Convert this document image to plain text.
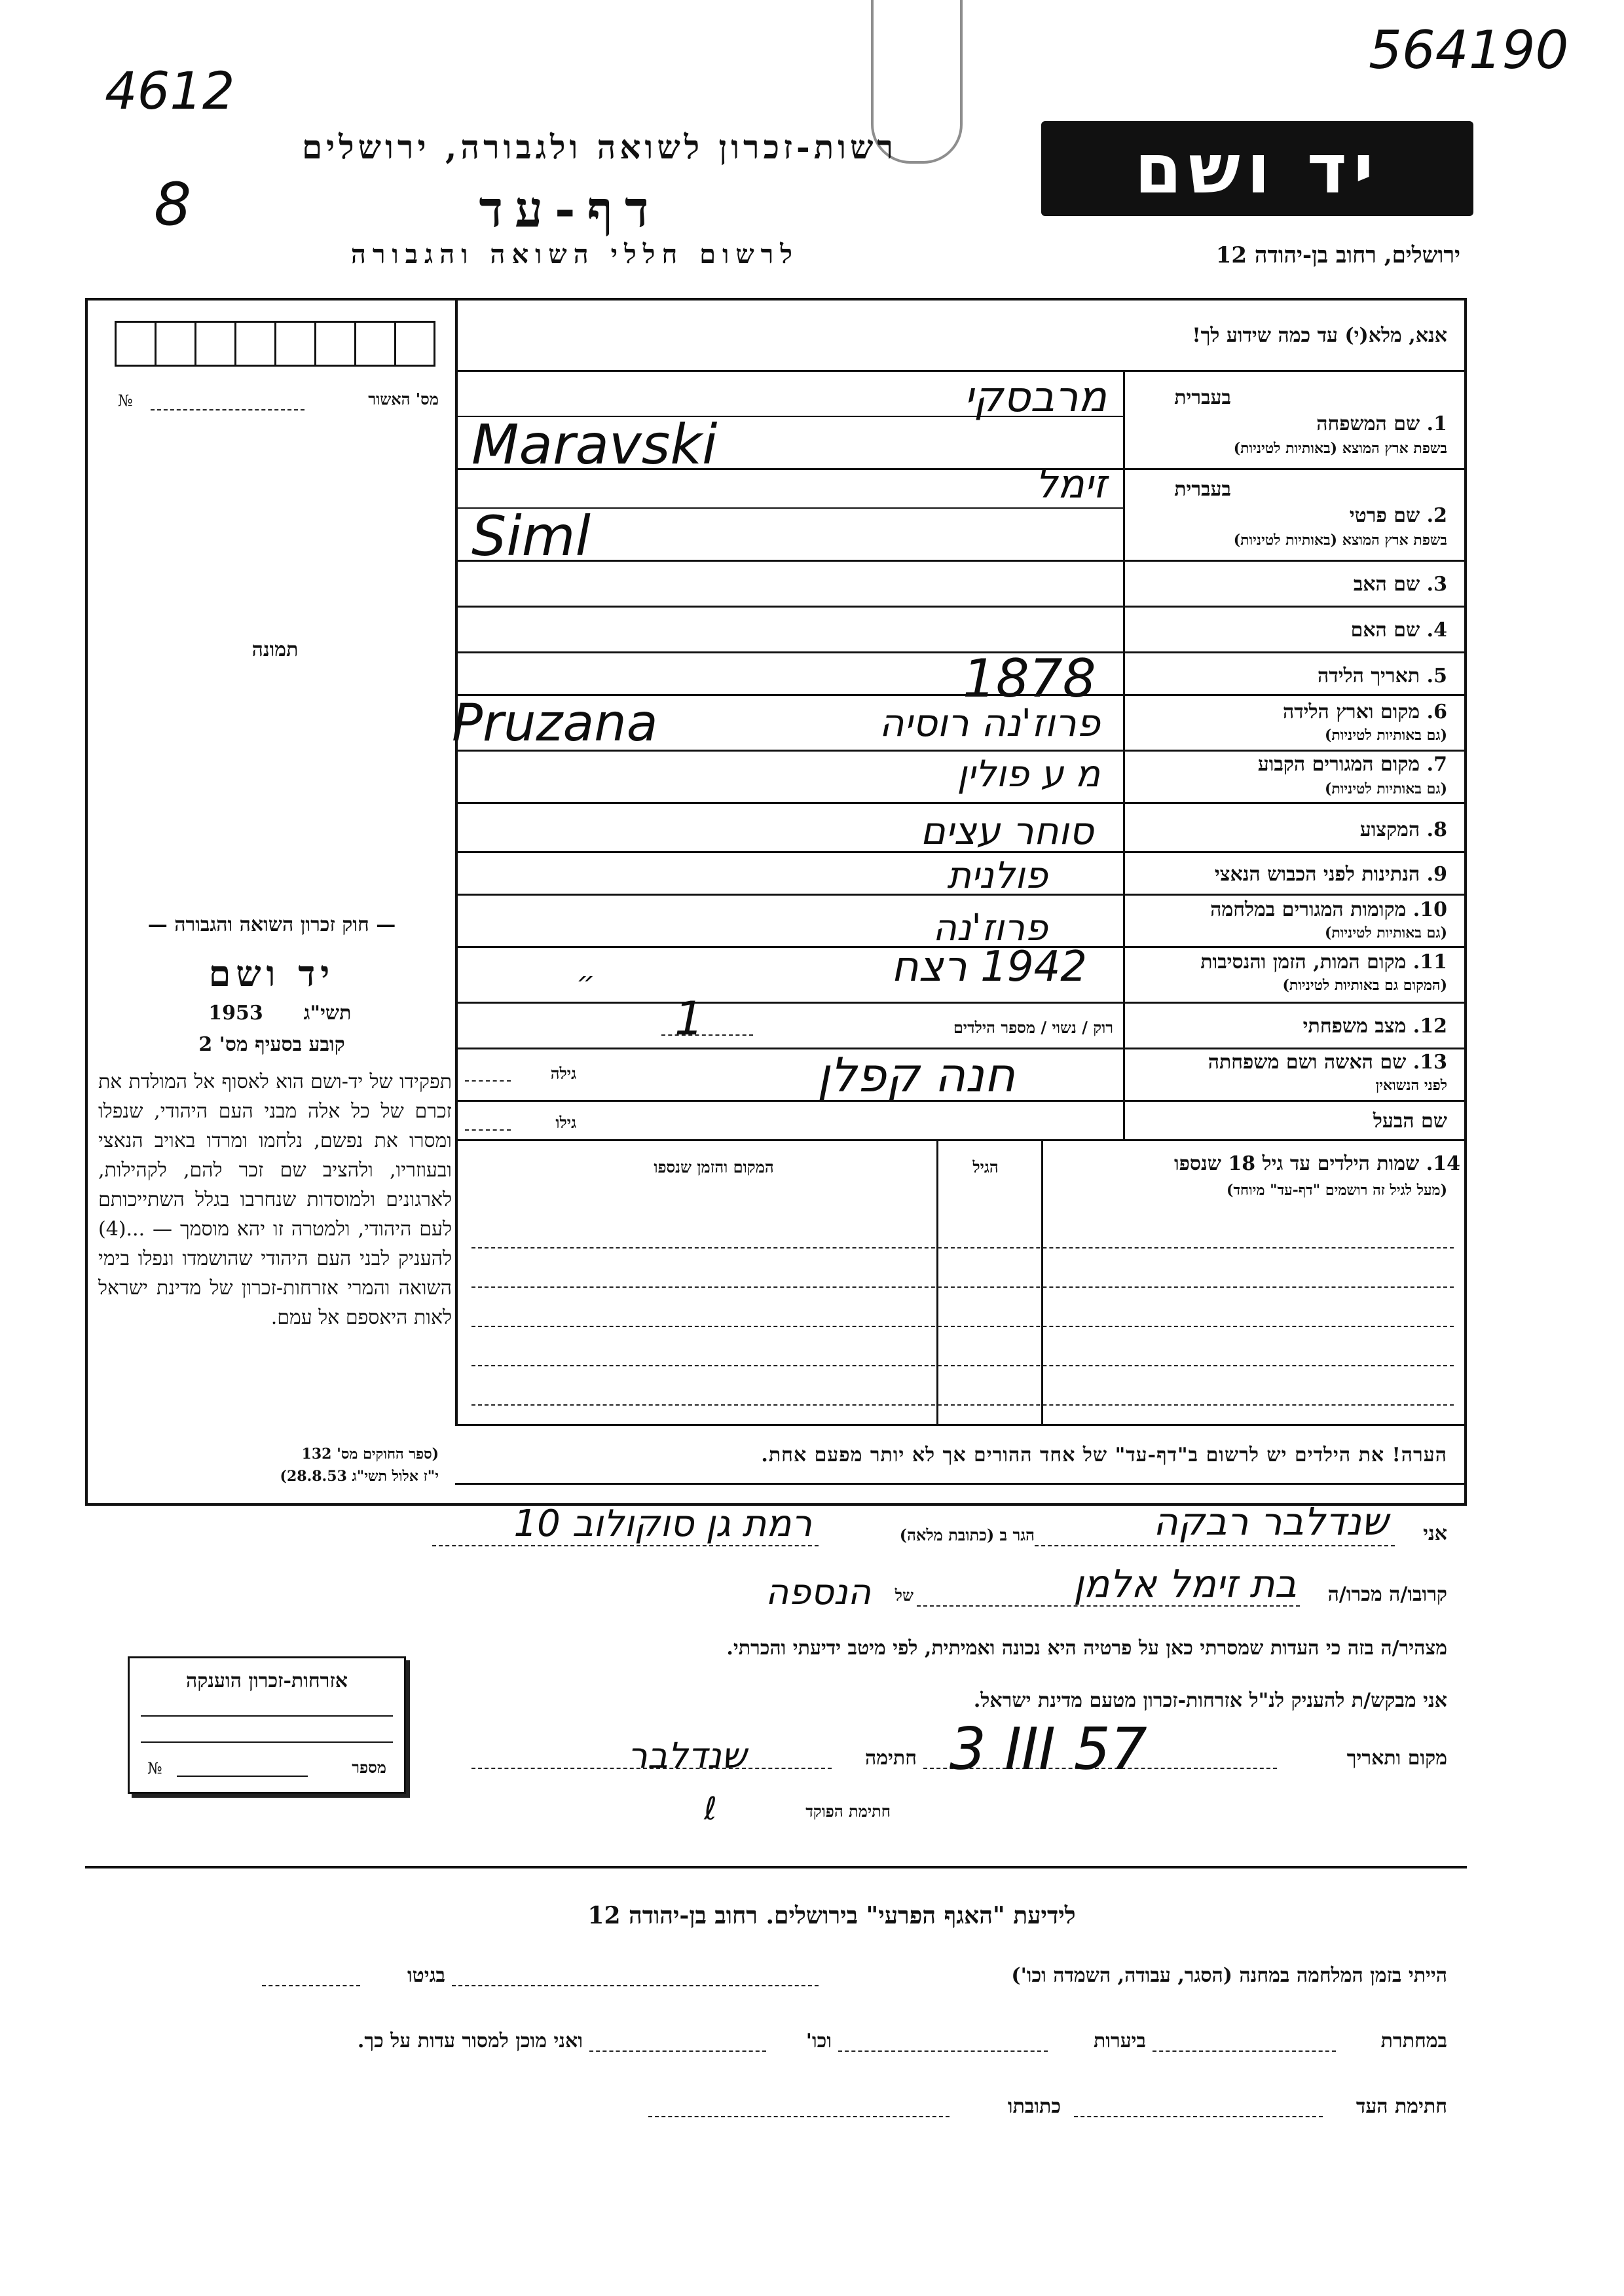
4612
8
564190
יד ושם
רשות-זכרון לשואה ולגבורה, ירושלים
דף-עד
לרשום חללי השואה והגבורה	ירושלים, רחוב בן-יהודה 12
אנא, מלא(י) עד כמה שידוע לך!
№	מס' האשור
תמונה
בעברית
1. שם המשפחה
בשפת ארץ המוצא (באותיות לטיניות)
מרבסקי
Maravski
בעברית
2. שם פרטי
בשפת ארץ המוצא (באותיות לטיניות)
זימל
Siml
3. שם האב
4. שם האם
5. תאריך הלידה
1878
6. מקום וארץ הלידה
(גם באותיות לטיניות)
Pruzana	פרוז'נה רוסיה
7. מקום המגורים הקבוע
(גם באותיות לטיניות)
מ ע פולין
8. המקצוע
סוחר עצים
9. הנתינות לפני הכבוש הנאצי
פולנית
10. מקומות המגורים במלחמה
(גם באותיות לטיניות)
פרוז'נה
11. מקום המות, הזמן והנסיבות
(המקום גם באותיות לטיניות)
1942 רצח
״
12. מצב משפחתי
רוק / נשוי / מספר הילדים
1
13. שם האשה ושם משפחתה
לפני הנשואין
גילה	חנה קפלן
שם הבעל
גילו
14. שמות הילדים עד גיל 18 שנספו
(מעל לגיל זה רושמים "דף-עד" מיוחד)
הגיל
המקום והזמן שנספו
הערה! את הילדים יש לרשום ב"דף-עד" של אחד ההורים אך לא יותר מפעם אחת.
— חוק זכרון השואה והגבורה —
יד ושם
תשי"ג
1953
קובע בסעיף מס' 2
תפקידו של יד-ושם הוא לאסוף אל המולדת את זכרם של כל אלה מבני העם היהודי, שנפלו ומסרו את נפשם, נלחמו ומרדו באויב הנאצי ובעוזריו, ולהציב שם זכר להם, לקהילות, לארגונים ולמוסדות שנחרבו בגלל השתייכותם לעם היהודי, ולמטרה זו יהא מוסמך — ...(4) להעניק לבני העם היהודי שהושמדו ונפלו בימי השואה והמרי אזרחות-זכרון של מדינת ישראל לאות היאספם אל עמם.
(ספר החוקים מס' 132
י"ז אלול תשי"ג 28.8.53)
אני
שנדלבר רבקה
הגר ב (כתובת מלאה)
רמת גן סוקולוב 10
קרובו/ה מכרו/ה
בת זימל אלמן
של
הנספה
מצהיר/ה בזה כי העדות שמסרתי כאן על פרטיה היא נכונה ואמיתית, לפי מיטב ידיעתי והכרתי.
אני מבקש/ת להעניק לנ"ל אזרחות-זכרון מטעם מדינת ישראל.
מקום ותאריך
3 III 57
חתימה
שנדלבר
חתימת הפוקד
ℓ
אזרחות-זכרון הוענקה
מספר
№
לידיעת "האגף הפרעי" בירושלים. רחוב בן-יהודה 12
הייתי בזמן המלחמה במחנה (הסגר, עבודה, השמדה וכו')
בגיטו
במחתרת
ביערות
וכו'
ואני מוכן למסור עדות על כך.
חתימת העד
כתובתו
